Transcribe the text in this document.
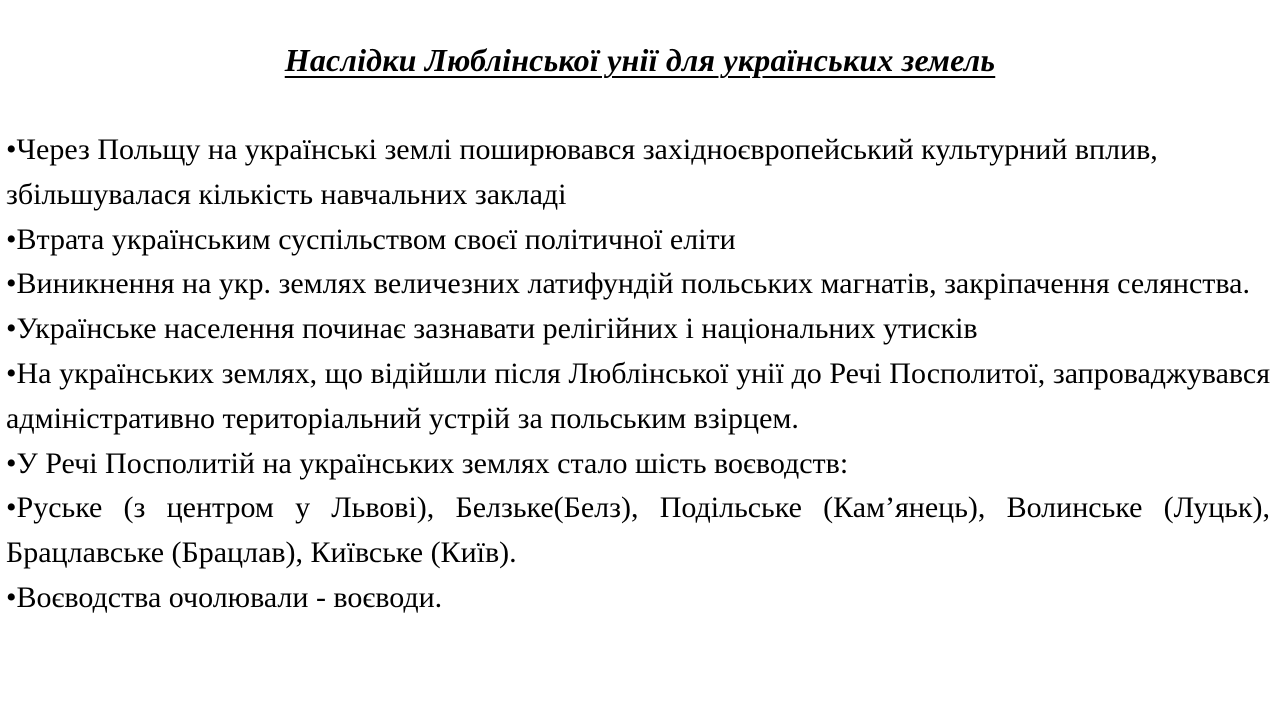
Наслідки Люблінської унії для українських земель
•Через Польщу на українські землі поширювався західноєвропейський культурний вплив, збільшувалася кількість навчальних закладі
•Втрата українським суспільством своєї політичної еліти
•Виникнення на укр. землях величезних латифундій польських магнатів, закріпачення селянства.
•Українське населення починає зазнавати релігійних і національних утисків
•На українських землях, що відійшли після Люблінської унії до Речі Посполитої, запроваджувався адміністративно територіальний устрій за польським взірцем.
•У Речі Посполитій на українських землях стало шість воєводств:
•Руське (з центром у Львові), Белзьке(Белз), Подільське (Кам’янець), Волинське (Луцьк), Брацлавське (Брацлав), Київське (Київ).
•Воєводства очолювали - воєводи.
